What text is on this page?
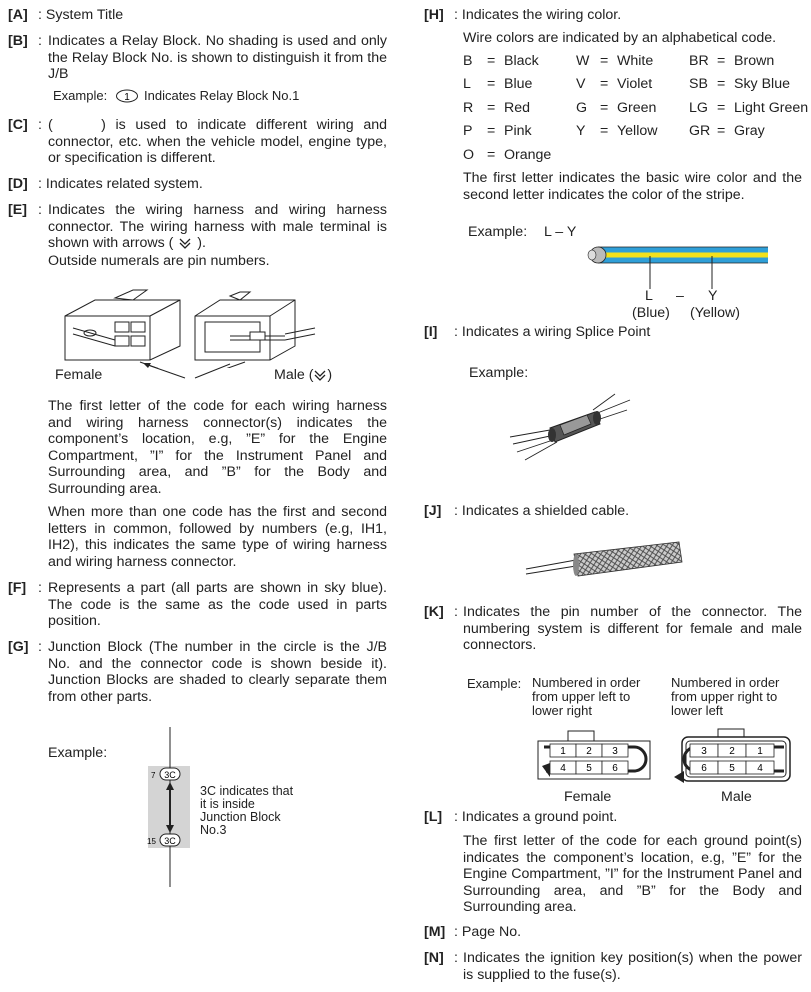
[A] : System Title
[B] : Indicates a Relay Block. No shading is used and only the Relay Block No. is shown to distinguish it from the J/B
Example: 1 Indicates Relay Block No.1
[C] : (     ) is used to indicate different wiring and connector, etc. when the vehicle model, engine type, or specification is different.
[D] : Indicates related system.
[E] : Indicates the wiring harness and wiring harness connector. The wiring harness with male terminal is shown with arrows ( ).
Outside numerals are pin numbers.
Female	Male ( )
The first letter of the code for each wiring harness and wiring harness connector(s) indicates the component’s location, e.g, ”E” for the Engine Compartment, ”I” for the Instrument Panel and Surrounding area, and ”B” for the Body and Surrounding area.
When more than one code has the first and second letters in common, followed by numbers (e.g, IH1, IH2), this indicates the same type of wiring harness and wiring harness connector.
[F] : Represents a part (all parts are shown in sky blue). The code is the same as the code used in parts position.
[G] : Junction Block (The number in the circle is the J/B No. and the connector code is shown beside it). Junction Blocks are shaded to clearly separate them from other parts.
Example:
3C
7
3C
15
3C indicates that it is inside Junction Block No.3
[H] : Indicates the wiring color.
Wire colors are indicated by an alphabetical code.
B	=	Black	W	=	White	BR	=	Brown
L	=	Blue	V	=	Violet	SB	=	Sky Blue
R	=	Red	G	=	Green	LG	=	Light Green
P	=	Pink	Y	=	Yellow	GR	=	Gray
O	=	Orange						
The first letter indicates the basic wire color and the second letter indicates the color of the stripe.
Example: L – Y
L – Y
(Blue) (Yellow)
[I] : Indicates a wiring Splice Point
Example:
[J] : Indicates a shielded cable.
[K] : Indicates the pin number of the connector. The numbering system is different for female and male connectors.
Example: Numbered in order from upper left to lower right
Numbered in order from upper right to lower left
1 2 3
4 5 6
3 2 1
6 5 4
Female	Male
[L] : Indicates a ground point.
The first letter of the code for each ground point(s) indicates the component’s location, e.g, ”E” for the Engine Compartment, ”I” for the Instrument Panel and Surrounding area, and ”B” for the Body and Surrounding area.
[M] : Page No.
[N] : Indicates the ignition key position(s) when the power is supplied to the fuse(s).
